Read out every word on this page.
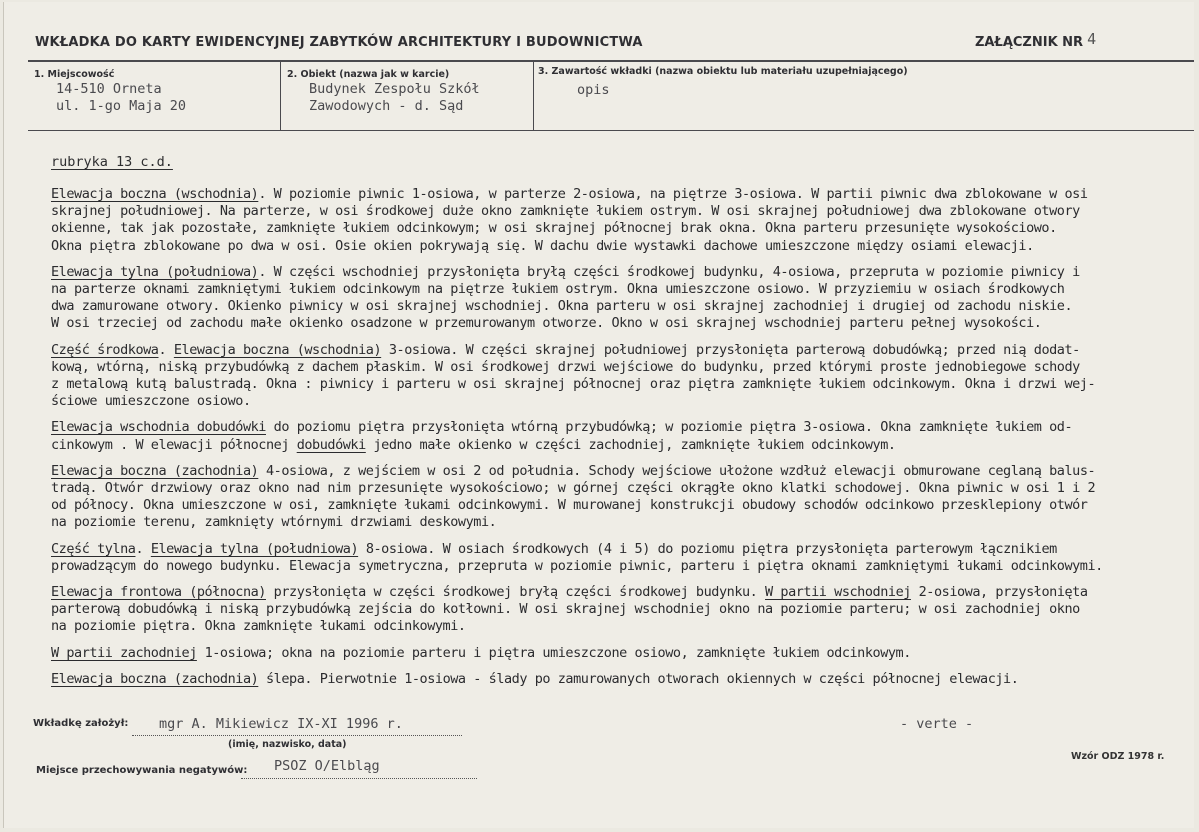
WKŁADKA DO KARTY EWIDENCYJNEJ ZABYTKÓW ARCHITEKTURY I BUDOWNICTWA	ZAŁĄCZNIK NR 4
1. Miejscowość
14-510 Orneta
ul. 1-go Maja 20
2. Obiekt (nazwa jak w karcie)
Budynek Zespołu Szkół
Zawodowych - d. Sąd
3. Zawartość wkładki (nazwa obiektu lub materiału uzupełniającego)
opis
rubryka 13 c.d.
Elewacja boczna (wschodnia). W poziomie piwnic 1-osiowa, w parterze 2-osiowa, na piętrze 3-osiowa. W partii piwnic dwa zblokowane w osi
skrajnej południowej. Na parterze, w osi środkowej duże okno zamknięte łukiem ostrym. W osi skrajnej południowej dwa zblokowane otwory
okienne, tak jak pozostałe, zamknięte łukiem odcinkowym; w osi skrajnej północnej brak okna. Okna parteru przesunięte wysokościowo.
Okna piętra zblokowane po dwa w osi. Osie okien pokrywają się. W dachu dwie wystawki dachowe umieszczone między osiami elewacji.
Elewacja tylna (południowa). W części wschodniej przysłonięta bryłą części środkowej budynku, 4-osiowa, przepruta w poziomie piwnicy i
na parterze oknami zamkniętymi łukiem odcinkowym na piętrze łukiem ostrym. Okna umieszczone osiowo. W przyziemiu w osiach środkowych
dwa zamurowane otwory. Okienko piwnicy w osi skrajnej wschodniej. Okna parteru w osi skrajnej zachodniej i drugiej od zachodu niskie.
W osi trzeciej od zachodu małe okienko osadzone w przemurowanym otworze. Okno w osi skrajnej wschodniej parteru pełnej wysokości.
Część środkowa. Elewacja boczna (wschodnia) 3-osiowa. W części skrajnej południowej przysłonięta parterową dobudówką; przed nią dodat-
kową, wtórną, niską przybudówką z dachem płaskim. W osi środkowej drzwi wejściowe do budynku, przed którymi proste jednobiegowe schody
z metalową kutą balustradą. Okna : piwnicy i parteru w osi skrajnej północnej oraz piętra zamknięte łukiem odcinkowym. Okna i drzwi wej-
ściowe umieszczone osiowo.
Elewacja wschodnia dobudówki do poziomu piętra przysłonięta wtórną przybudówką; w poziomie piętra 3-osiowa. Okna zamknięte łukiem od-
cinkowym . W elewacji północnej dobudówki jedno małe okienko w części zachodniej, zamknięte łukiem odcinkowym.
Elewacja boczna (zachodnia) 4-osiowa, z wejściem w osi 2 od południa. Schody wejściowe ułożone wzdłuż elewacji obmurowane ceglaną balus-
tradą. Otwór drzwiowy oraz okno nad nim przesunięte wysokościowo; w górnej części okrągłe okno klatki schodowej. Okna piwnic w osi 1 i 2
od północy. Okna umieszczone w osi, zamknięte łukami odcinkowymi. W murowanej konstrukcji obudowy schodów odcinkowo przesklepiony otwór
na poziomie terenu, zamknięty wtórnymi drzwiami deskowymi.
Część tylna. Elewacja tylna (południowa) 8-osiowa. W osiach środkowych (4 i 5) do poziomu piętra przysłonięta parterowym łącznikiem
prowadzącym do nowego budynku. Elewacja symetryczna, przepruta w poziomie piwnic, parteru i piętra oknami zamkniętymi łukami odcinkowymi.
Elewacja frontowa (północna) przysłonięta w części środkowej bryłą części środkowej budynku. W partii wschodniej 2-osiowa, przysłonięta
parterową dobudówką i niską przybudówką zejścia do kotłowni. W osi skrajnej wschodniej okno na poziomie parteru; w osi zachodniej okno
na poziomie piętra. Okna zamknięte łukami odcinkowymi.
W partii zachodniej 1-osiowa; okna na poziomie parteru i piętra umieszczone osiowo, zamknięte łukiem odcinkowym.
Elewacja boczna (zachodnia) ślepa. Pierwotnie 1-osiowa - ślady po zamurowanych otworach okiennych w części północnej elewacji.
Wkładkę założył: mgr A. Mikiewicz IX-XI 1996 r.
(imię, nazwisko, data)
- verte -
Miejsce przechowywania negatywów: PSOZ O/Elbląg
Wzór ODZ 1978 r.
